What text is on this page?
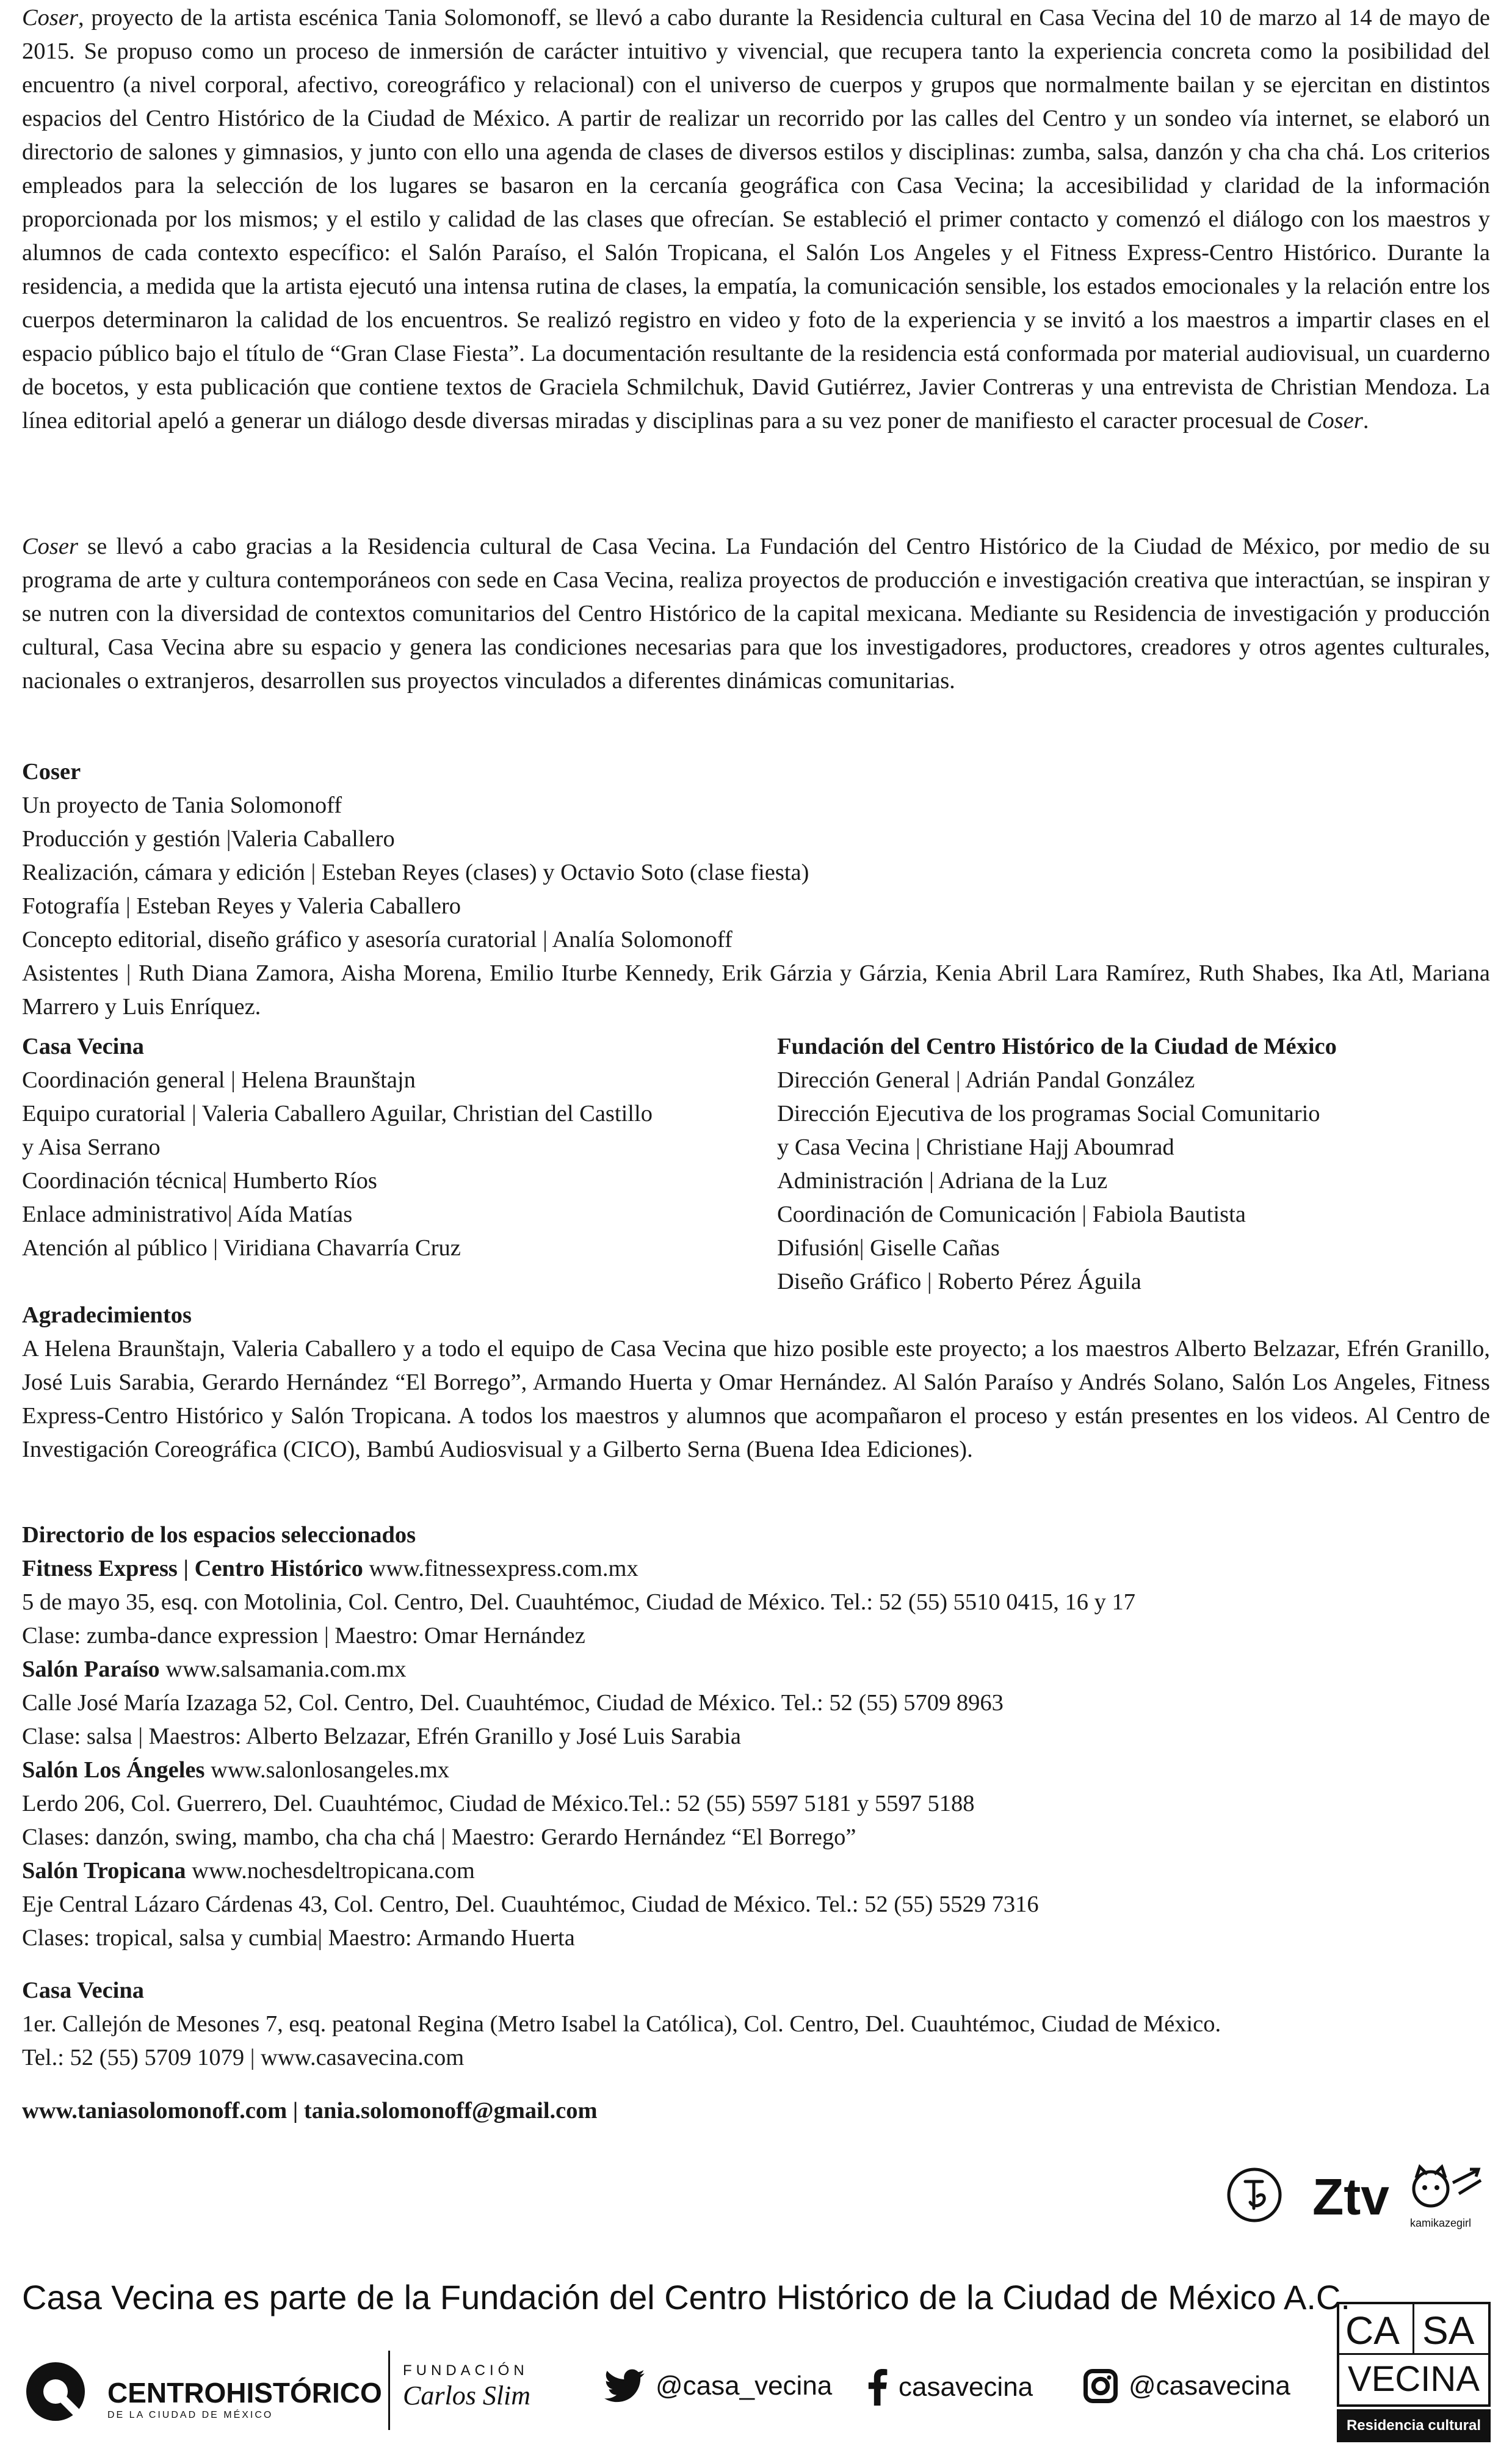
Coser, proyecto de la artista escénica Tania Solomonoff, se llevó a cabo durante la Residencia cultural en Casa Vecina del 10 de marzo al 14 de mayo de 2015. Se propuso como un proceso de inmersión de carácter intuitivo y vivencial, que recupera tanto la experiencia concreta como la posibilidad del encuentro (a nivel corporal, afectivo, coreográfico y relacional) con el universo de cuerpos y grupos que normalmente bailan y se ejercitan en distintos espacios del Centro Histórico de la Ciudad de México. A partir de realizar un recorrido por las calles del Centro y un sondeo vía internet, se elaboró un directorio de salones y gimnasios, y junto con ello una agenda de clases de diversos estilos y disciplinas: zumba, salsa, danzón y cha cha chá. Los criterios empleados para la selección de los lugares se basaron en la cercanía geográfica con Casa Vecina; la accesibilidad y claridad de la información proporcionada por los mismos; y el estilo y calidad de las clases que ofrecían. Se estableció el primer contacto y comenzó el diálogo con los maestros y alumnos de cada contexto específico: el Salón Paraíso, el Salón Tropicana, el Salón Los Angeles y el Fitness Express-Centro Histórico. Durante la residencia, a medida que la artista ejecutó una intensa rutina de clases, la empatía, la comunicación sensible, los estados emocionales y la relación entre los cuerpos determinaron la calidad de los encuentros. Se realizó registro en video y foto de la experiencia y se invitó a los maestros a impartir clases en el espacio público bajo el título de “Gran Clase Fiesta”. La documentación resultante de la residencia está conformada por material audiovisual, un cuarderno de bocetos, y esta publicación que contiene textos de Graciela Schmilchuk, David Gutiérrez, Javier Contreras y una entrevista de Christian Mendoza. La línea editorial apeló a generar un diálogo desde diversas miradas y disciplinas para a su vez poner de manifiesto el caracter procesual de Coser.

Coser se llevó a cabo gracias a la Residencia cultural de Casa Vecina. La Fundación del Centro Histórico de la Ciudad de México, por medio de su programa de arte y cultura contemporáneos con sede en Casa Vecina, realiza proyectos de producción e investigación creativa que interactúan, se inspiran y se nutren con la diversidad de contextos comunitarios del Centro Histórico de la capital mexicana. Mediante su Residencia de investigación y producción cultural, Casa Vecina abre su espacio y genera las condiciones necesarias para que los investigadores, productores, creadores y otros agentes culturales, nacionales o extranjeros, desarrollen sus proyectos vinculados a diferentes dinámicas comunitarias.

Coser
Un proyecto de Tania Solomonoff
Producción y gestión |Valeria Caballero
Realización, cámara y edición | Esteban Reyes (clases) y Octavio Soto (clase fiesta)
Fotografía | Esteban Reyes y Valeria Caballero
Concepto editorial, diseño gráfico y asesoría curatorial | Analía Solomonoff

Asistentes | Ruth Diana Zamora, Aisha Morena, Emilio Iturbe Kennedy, Erik Gárzia y Gárzia, Kenia Abril Lara Ramírez, Ruth Shabes, Ika Atl, Mariana Marrero y Luis Enríquez.

Casa Vecina
Coordinación general | Helena Braunštajn
Equipo curatorial | Valeria Caballero Aguilar, Christian del Castillo
y Aisa Serrano
Coordinación técnica| Humberto Ríos
Enlace administrativo| Aída Matías
Atención al público | Viridiana Chavarría Cruz
Fundación del Centro Histórico de la Ciudad de México
Dirección General | Adrián Pandal González
Dirección Ejecutiva de los programas Social Comunitario
y Casa Vecina | Christiane Hajj Aboumrad
Administración | Adriana de la Luz
Coordinación de Comunicación | Fabiola Bautista
Difusión| Giselle Cañas
Diseño Gráfico | Roberto Pérez Águila
Agradecimientos

A Helena Braunštajn, Valeria Caballero y a todo el equipo de Casa Vecina que hizo posible este proyecto; a los maestros Alberto Belzazar, Efrén Granillo, José Luis Sarabia, Gerardo Hernández “El Borrego”, Armando Huerta y Omar Hernández. Al Salón Paraíso y Andrés Solano, Salón Los Angeles, Fitness Express-Centro Histórico y Salón Tropicana. A todos los maestros y alumnos que acompañaron el proceso y están presentes en los videos. Al Centro de Investigación Coreográfica (CICO), Bambú Audiosvisual y a Gilberto Serna (Buena Idea Ediciones).

Directorio de los espacios seleccionados
Fitness Express | Centro Histórico www.fitnessexpress.com.mx
5 de mayo 35, esq. con Motolinia, Col. Centro, Del. Cuauhtémoc, Ciudad de México. Tel.: 52 (55) 5510 0415, 16 y 17
Clase: zumba-dance expression | Maestro: Omar Hernández
Salón Paraíso www.salsamania.com.mx
Calle José María Izazaga 52, Col. Centro, Del. Cuauhtémoc, Ciudad de México. Tel.: 52 (55) 5709 8963
Clase: salsa | Maestros: Alberto Belzazar, Efrén Granillo y José Luis Sarabia
Salón Los Ángeles www.salonlosangeles.mx
Lerdo 206, Col. Guerrero, Del. Cuauhtémoc, Ciudad de México.Tel.: 52 (55) 5597 5181 y 5597 5188
Clases: danzón, swing, mambo, cha cha chá | Maestro: Gerardo Hernández “El Borrego”
Salón Tropicana www.nochesdeltropicana.com
Eje Central Lázaro Cárdenas 43, Col. Centro, Del. Cuauhtémoc, Ciudad de México. Tel.: 52 (55) 5529 7316
Clases: tropical, salsa y cumbia| Maestro: Armando Huerta
Casa Vecina
1er. Callejón de Mesones 7, esq. peatonal Regina (Metro Isabel la Católica), Col. Centro, Del. Cuauhtémoc, Ciudad de México.
Tel.: 52 (55) 5709 1079 | www.casavecina.com
www.taniasolomonoff.com | tania.solomonoff@gmail.com
Ztv kamikazegirl
Casa Vecina es parte de la Fundación del Centro Histórico de la Ciudad de México A.C.
CENTROHISTÓRICO
DE LA CIUDAD DE MÉXICO
FUNDACIÓN
Carlos Slim	@casa_vecina casavecina	@casavecina
CA SA
VECINA
Residencia cultural
